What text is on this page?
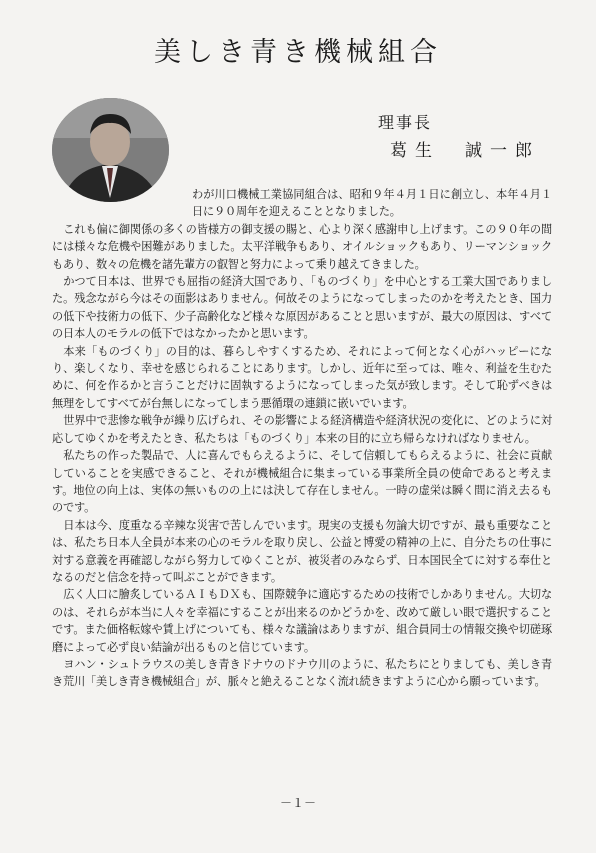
美しき青き機械組合

理事長

葛生　誠一郎

わが川口機械工業協同組合は、昭和９年４月１日に創立し、本年４月１日に９０周年を迎えることとなりました。

これも偏に御関係の多くの皆様方の御支援の賜と、心より深く感謝申し上げます。この９０年の間には様々な危機や困難がありました。太平洋戦争もあり、オイルショックもあり、リーマンショックもあり、数々の危機を諸先輩方の叡智と努力によって乗り越えてきました。

かつて日本は、世界でも屈指の経済大国であり、「ものづくり」を中心とする工業大国でありました。残念ながら今はその面影はありません。何故そのようになってしまったのかを考えたとき、国力の低下や技術力の低下、少子高齢化など様々な原因があることと思いますが、最大の原因は、すべての日本人のモラルの低下ではなかったかと思います。

本来「ものづくり」の目的は、暮らしやすくするため、それによって何となく心がハッピーになり、楽しくなり、幸せを感じられることにあります。しかし、近年に至っては、唯々、利益を生むために、何を作るかと言うことだけに固執するようになってしまった気が致します。そして恥ずべきは無理をしてすべてが台無しになってしまう悪循環の連鎖に嵌いでいます。

世界中で悲惨な戦争が繰り広げられ、その影響による経済構造や経済状況の変化に、どのように対応してゆくかを考えたとき、私たちは「ものづくり」本来の目的に立ち帰らなければなりません。

私たちの作った製品で、人に喜んでもらえるように、そして信頼してもらえるように、社会に貢献していることを実感できること、それが機械組合に集まっている事業所全員の使命であると考えます。地位の向上は、実体の無いものの上には決して存在しません。一時の虚栄は瞬く間に消え去るものです。

日本は今、度重なる辛辣な災害で苦しんでいます。現実の支援も勿論大切ですが、最も重要なことは、私たち日本人全員が本来の心のモラルを取り戻し、公益と博愛の精神の上に、自分たちの仕事に対する意義を再確認しながら努力してゆくことが、被災者のみならず、日本国民全てに対する奉仕となるのだと信念を持って叫ぶことができます。

広く人口に膾炙しているＡＩもＤＸも、国際競争に適応するための技術でしかありません。大切なのは、それらが本当に人々を幸福にすることが出来るのかどうかを、改めて厳しい眼で選択することです。また価格転嫁や賃上げについても、様々な議論はありますが、組合員同士の情報交換や切磋琢磨によって必ず良い結論が出るものと信じています。

ヨハン・シュトラウスの美しき青きドナウのドナウ川のように、私たちにとりましても、美しき青き荒川「美しき青き機械組合」が、脈々と絶えることなく流れ続きますように心から願っています。

－１－
